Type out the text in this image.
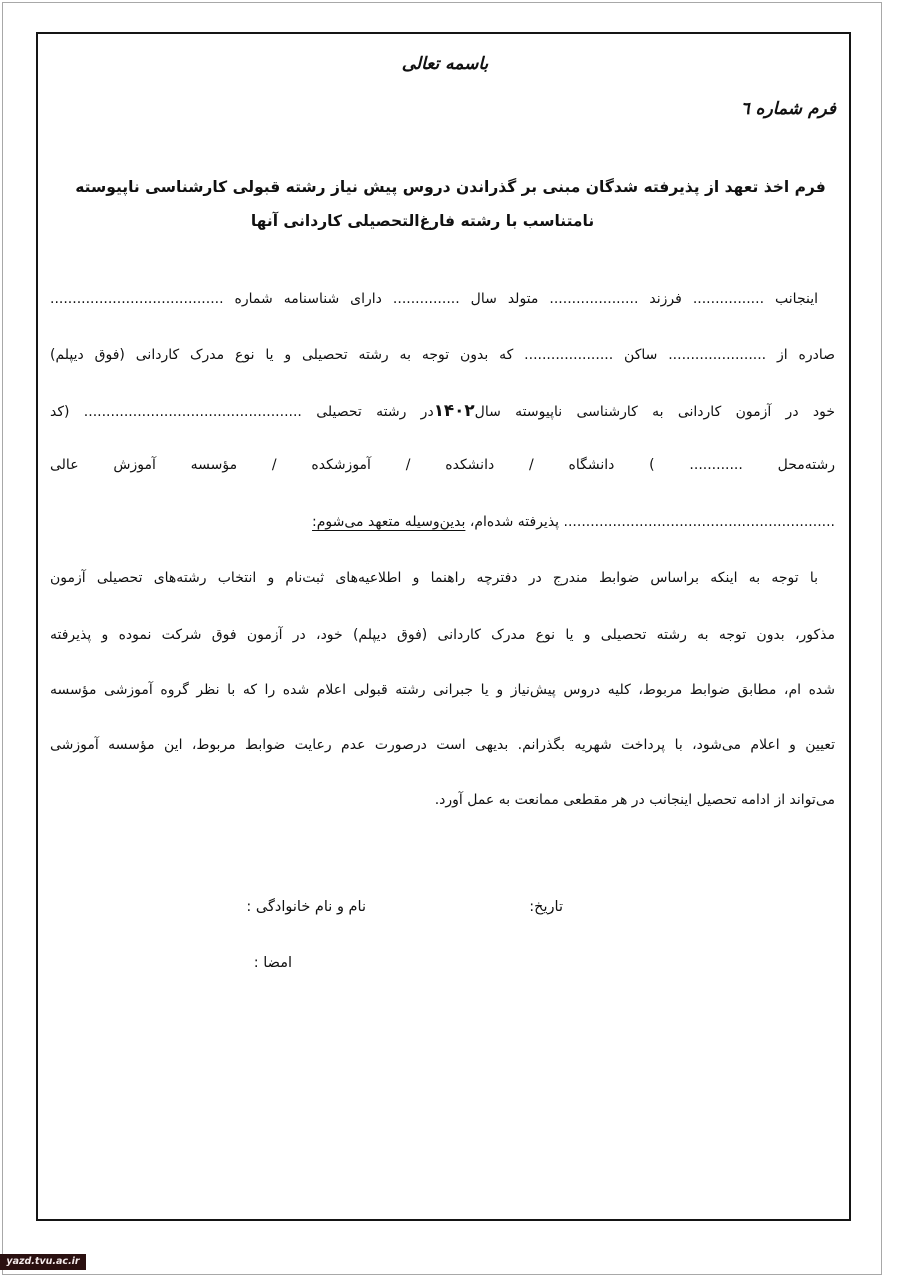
باسمه تعالی
فرم شماره ٦
فرم اخذ تعهد از پذیرفته شدگان مبنی بر گذراندن دروس پیش نیاز رشته قبولی کارشناسی ناپیوسته
نامتناسب با رشته فارغ‌التحصیلی کاردانی آنها
اینجانب ................ فرزند .................... متولد سال ............... دارای شناسنامه شماره .......................................
صادره از ...................... ساکن .................... که بدون توجه به رشته تحصیلی و یا نوع مدرک کاردانی (فوق دیپلم)
خود در آزمون کاردانی به کارشناسی ناپیوسته سال۱۴۰۲در رشته تحصیلی ................................................. (کد
رشته‌محل ............ ) دانشگاه / دانشکده / آموزشکده / مؤسسه آموزش عالی
............................................................. پذیرفته شده‌ام، بدین‌وسیله متعهد می‌شوم:
با توجه به اینکه براساس ضوابط مندرج در دفترچه راهنما و اطلاعیه‌های ثبت‌نام و انتخاب رشته‌های تحصیلی آزمون
مذکور، بدون توجه به رشته تحصیلی و یا نوع مدرک کاردانی (فوق دیپلم) خود، در آزمون فوق شرکت نموده و پذیرفته
شده ام، مطابق ضوابط مربوط، کلیه دروس پیش‌نیاز و یا جبرانی رشته قبولی اعلام شده را که با نظر گروه آموزشی مؤسسه
تعیین و اعلام می‌شود، با پرداخت شهریه بگذرانم. بدیهی است درصورت عدم رعایت ضوابط مربوط، این مؤسسه آموزشی
می‌تواند از ادامه تحصیل اینجانب در هر مقطعی ممانعت به عمل آورد.
تاریخ:
نام و نام خانوادگی :
امضا :
yazd.tvu.ac.ir
